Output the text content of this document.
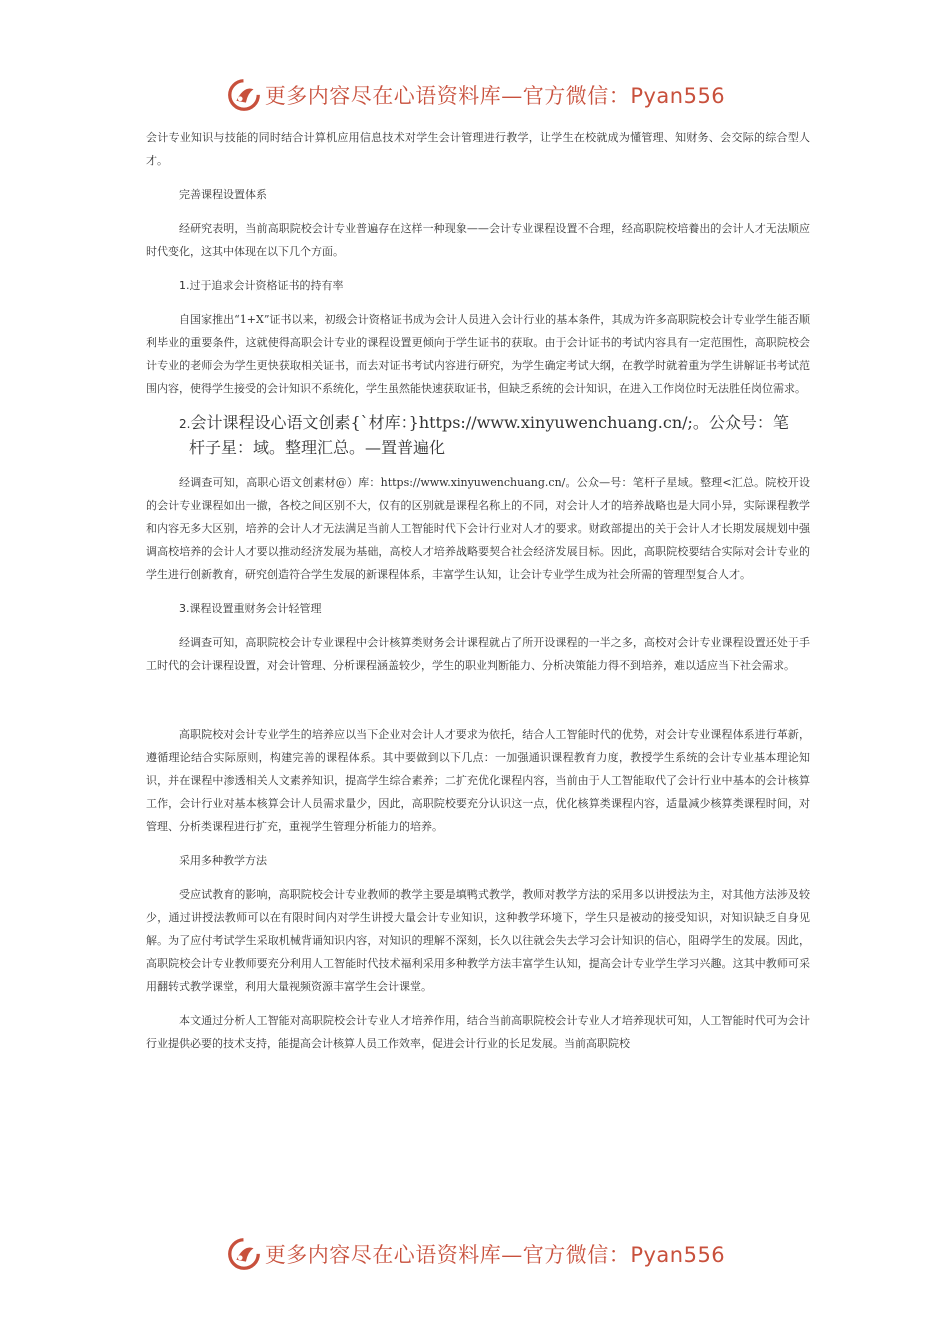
更多内容尽在心语资料库—官方微信：Pyan556

会计专业知识与技能的同时结合计算机应用信息技术对学生会计管理进行教学，让学生在校就成为懂管理、知财务、会交际的综合型人才。

完善课程设置体系

经研究表明，当前高职院校会计专业普遍存在这样一种现象——会计专业课程设置不合理，经高职院校培養出的会计人才无法顺应时代变化，这其中体现在以下几个方面。

1.过于追求会计资格证书的持有率

自国家推出“1+X”证书以来，初级会计资格证书成为会计人员进入会计行业的基本条件，其成为许多高职院校会计专业学生能否顺利毕业的重要条件，这就使得高职会计专业的课程设置更倾向于学生证书的获取。由于会计证书的考试内容具有一定范围性，高职院校会计专业的老师会为学生更快获取相关证书，而去对证书考试内容进行研究，为学生确定考试大纲，在教学时就着重为学生讲解证书考试范围内容，使得学生接受的会计知识不系统化，学生虽然能快速获取证书，但缺乏系统的会计知识，在进入工作岗位时无法胜任岗位需求。

2.会计课程设心语文创素{`材库：}https://www.xinyuwenchuang.cn/;。公众号：笔
杆子星：域。整理汇总。—置普遍化

经调查可知，高职心语文创素材@）库：https://www.xinyuwenchuang.cn/。公众—号：笔杆子星域。整理<汇总。院校开设的会计专业课程如出一撤，各校之间区别不大，仅有的区别就是课程名称上的不同，对会计人才的培养战略也是大同小异，实际课程教学和内容无多大区别，培养的会计人才无法满足当前人工智能时代下会计行业对人才的要求。财政部提出的关于会计人才长期发展规划中强调高校培养的会计人才要以推动经济发展为基础，高校人才培养战略要契合社会经济发展目标。因此，高职院校要结合实际对会计专业的学生进行创新教育，研究创造符合学生发展的新课程体系，丰富学生认知，让会计专业学生成为社会所需的管理型复合人才。

3.课程设置重财务会计轻管理

经调查可知，高职院校会计专业课程中会计核算类财务会计课程就占了所开设课程的一半之多，高校对会计专业课程设置还处于手工时代的会计课程设置，对会计管理、分析课程涵盖较少，学生的职业判断能力、分析决策能力得不到培养，难以适应当下社会需求。

高职院校对会计专业学生的培养应以当下企业对会计人才要求为依托，结合人工智能时代的优势，对会计专业课程体系进行革新，遵循理论结合实际原则，构建完善的课程体系。其中要做到以下几点：一加强通识课程教育力度，教授学生系统的会计专业基本理论知识，并在课程中渗透相关人文素养知识，提高学生综合素养；二扩充优化课程内容，当前由于人工智能取代了会计行业中基本的会计核算工作，会计行业对基本核算会计人员需求量少，因此，高职院校要充分认识这一点，优化核算类课程内容，适量减少核算类课程时间，对管理、分析类课程进行扩充，重视学生管理分析能力的培养。

采用多种教学方法

受应试教育的影响，高职院校会计专业教师的教学主要是填鸭式教学，教师对教学方法的采用多以讲授法为主，对其他方法涉及较少，通过讲授法教师可以在有限时间内对学生讲授大量会计专业知识，这种教学环境下，学生只是被动的接受知识，对知识缺乏自身见解。为了应付考试学生采取机械背诵知识内容，对知识的理解不深刻，长久以往就会失去学习会计知识的信心，阻碍学生的发展。因此，高职院校会计专业教师要充分利用人工智能时代技术福利采用多种教学方法丰富学生认知，提高会计专业学生学习兴趣。这其中教师可采用翻转式教学课堂，利用大量视频资源丰富学生会计课堂。

本文通过分析人工智能对高职院校会计专业人才培养作用，结合当前高职院校会计专业人才培养现状可知，人工智能时代可为会计行业提供必要的技术支持，能提高会计核算人员工作效率，促进会计行业的长足发展。当前高职院校

更多内容尽在心语资料库—官方微信：Pyan556
